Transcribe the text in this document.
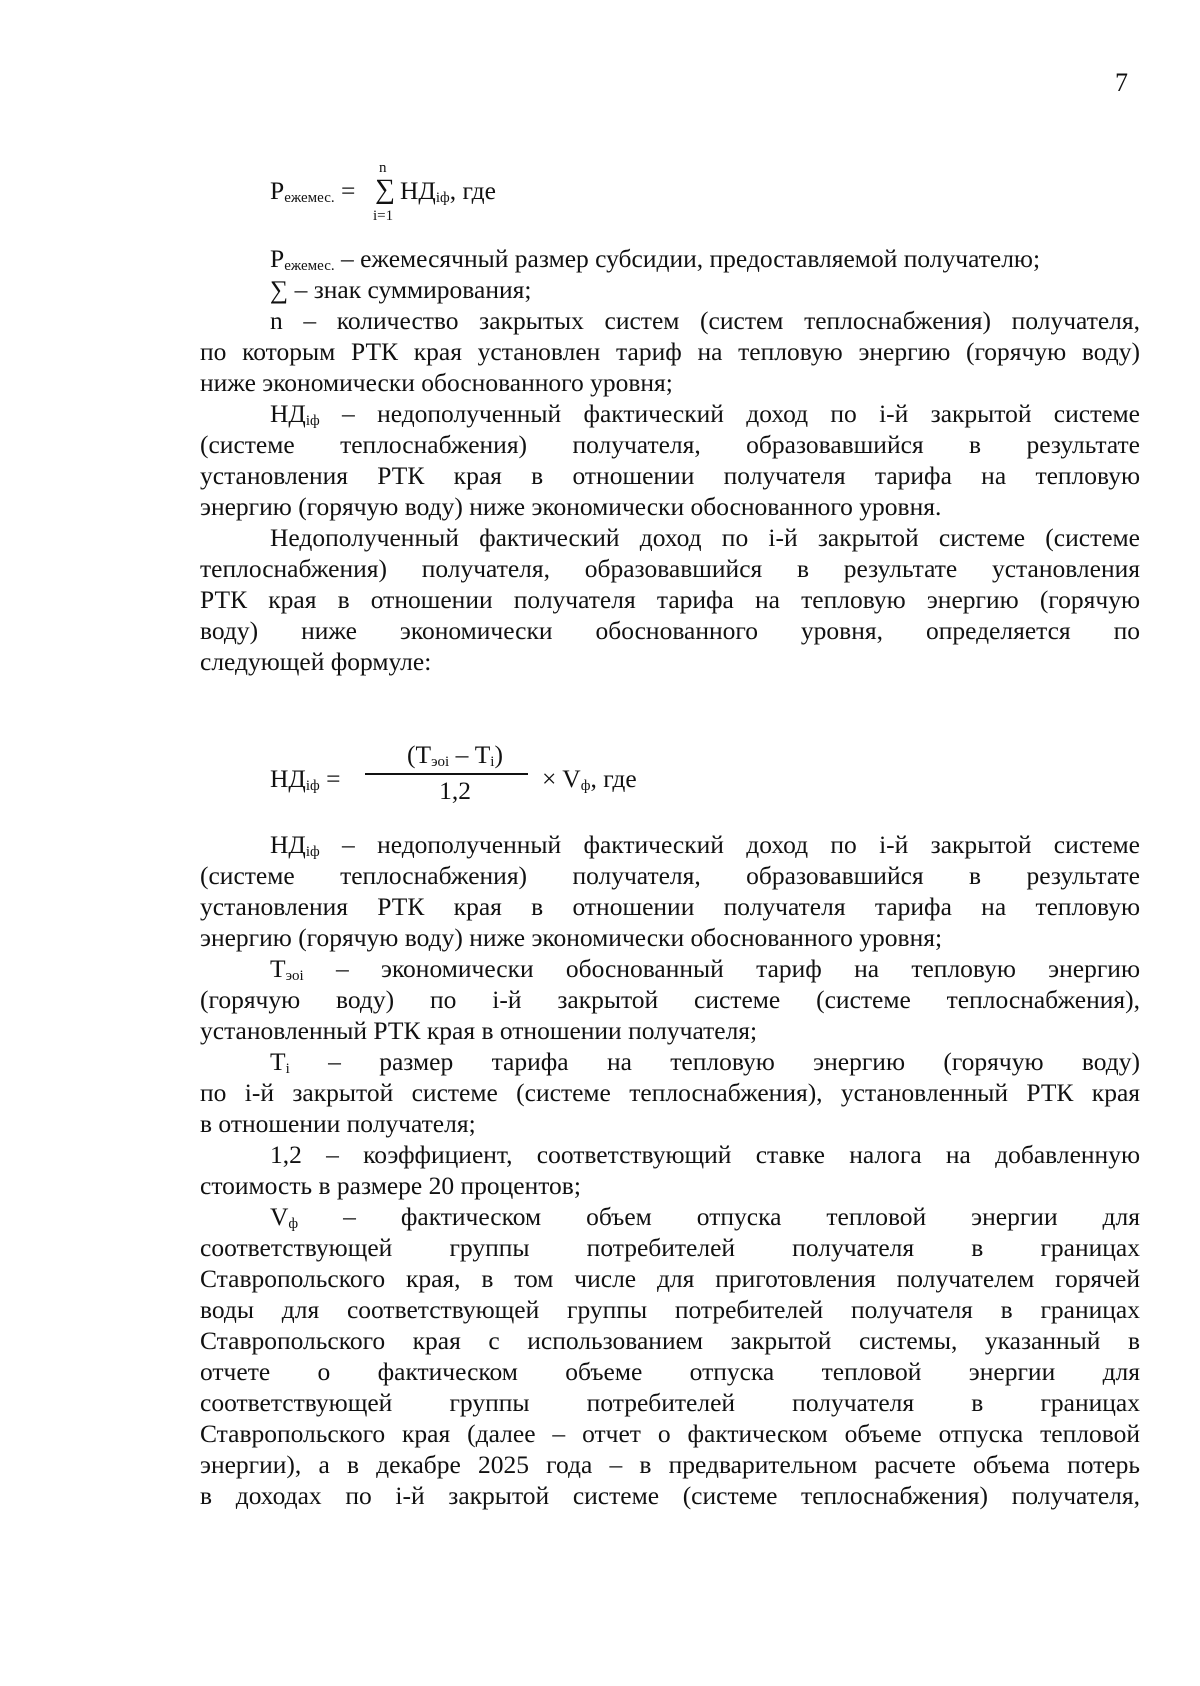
7
$P_{ежемес.}$ =
n
∑
i=1
$НД_{iф}$, где
$P_{ежемес.}$ – ежемесячный размер субсидии, предоставляемой получателю;
∑ – знак суммирования;
n – количество закрытых систем (систем теплоснабжения) получателя,
по которым РТК края установлен тариф на тепловую энергию (горячую воду)
ниже экономически обоснованного уровня;
$НД_{iф}$ – недополученный фактический доход по i-й закрытой системе
(системе теплоснабжения) получателя, образовавшийся в результате
установления РТК края в отношении получателя тарифа на тепловую
энергию (горячую воду) ниже экономически обоснованного уровня.
Недополученный фактический доход по i-й закрытой системе (системе
теплоснабжения) получателя, образовавшийся в результате установления
РТК края в отношении получателя тарифа на тепловую энергию (горячую
воду) ниже экономически обоснованного уровня, определяется по
следующей формуле:
$НД_{iф}$ =
$(Т_{эоi} - Т_i)$
1,2	× $V_ф$, где
$НД_{iф}$ – недополученный фактический доход по i-й закрытой системе
(системе теплоснабжения) получателя, образовавшийся в результате
установления РТК края в отношении получателя тарифа на тепловую
энергию (горячую воду) ниже экономически обоснованного уровня;
$Т_{эоi}$ – экономически обоснованный тариф на тепловую энергию
(горячую воду) по i-й закрытой системе (системе теплоснабжения),
установленный РТК края в отношении получателя;
$Т_i$ – размер тарифа на тепловую энергию (горячую воду)
по i-й закрытой системе (системе теплоснабжения), установленный РТК края
в отношении получателя;
1,2 – коэффициент, соответствующий ставке налога на добавленную
стоимость в размере 20 процентов;
$V_ф$ – фактическом объем отпуска тепловой энергии для
соответствующей группы потребителей получателя в границах
Ставропольского края, в том числе для приготовления получателем горячей
воды для соответствующей группы потребителей получателя в границах
Ставропольского края с использованием закрытой системы, указанный в
отчете о фактическом объеме отпуска тепловой энергии для
соответствующей группы потребителей получателя в границах
Ставропольского края (далее – отчет о фактическом объеме отпуска тепловой
энергии), а в декабре 2025 года – в предварительном расчете объема потерь
в доходах по i-й закрытой системе (системе теплоснабжения) получателя,
